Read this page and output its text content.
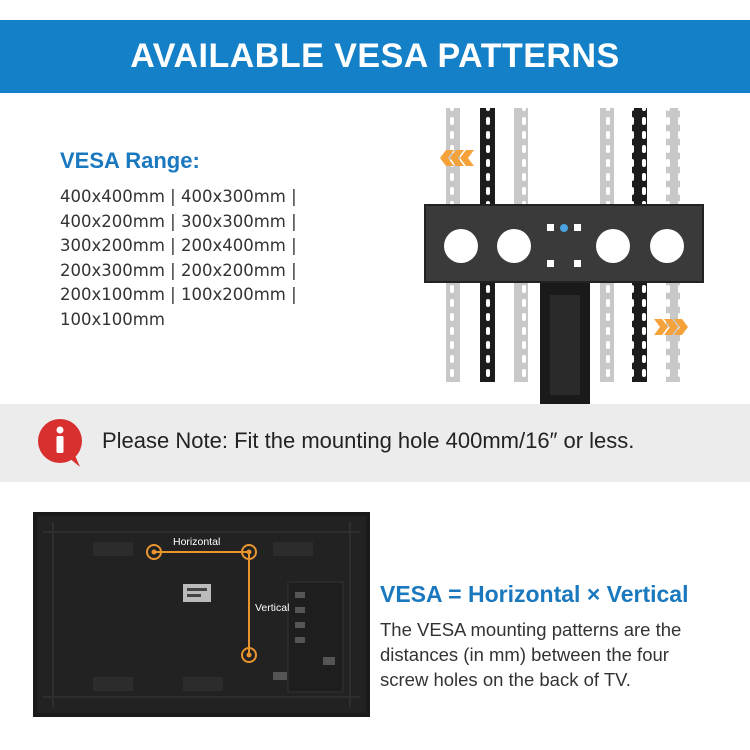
AVAILABLE VESA PATTERNS
VESA Range:
400x400mm | 400x300mm |
400x200mm | 300x300mm |
300x200mm | 200x400mm |
200x300mm | 200x200mm |
200x100mm | 100x200mm |
100x100mm
Please Note: Fit the mounting hole 400mm/16″ or less.
Horizontal
Vertical
VESA = Horizontal × Vertical
The VESA mounting patterns are the
distances (in mm) between the four
screw holes on the back of TV.
